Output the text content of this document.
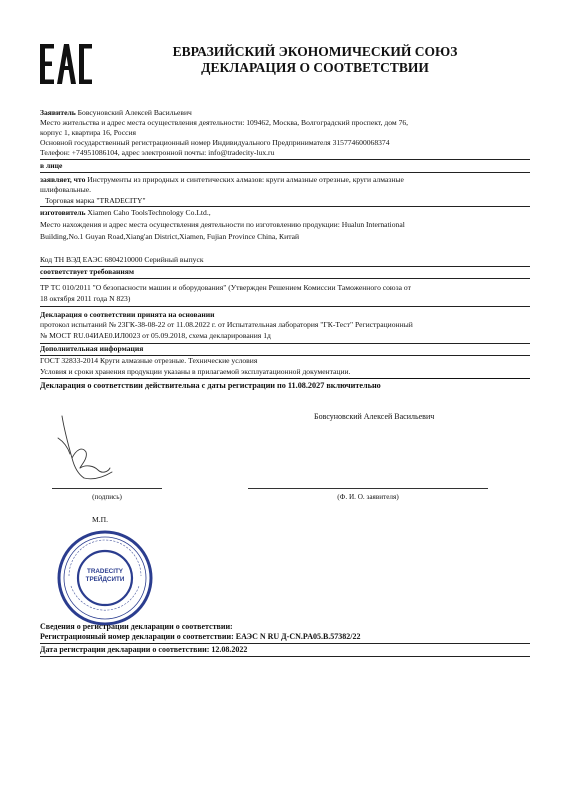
ЕВРАЗИЙСКИЙ ЭКОНОМИЧЕСКИЙ СОЮЗ
ДЕКЛАРАЦИЯ О СООТВЕТСТВИИ
Заявитель Бовсуновский Алексей Васильевич
Место жительства и адрес места осуществления деятельности: 109462, Москва, Волгоградский проспект, дом 76,
корпус 1, квартира 16, Россия
Основной государственный регистрационный номер Индивидуального Предпринимателя 315774600068374
Телефон: +74951086104, адрес электронной почты: info@tradecity-lux.ru
в лице
заявляет, что Инструменты из природных и синтетических алмазов: круги алмазные отрезные, круги алмазные
шлифовальные.
Торговая марка "TRADECITY"
изготовитель Xiamen Caho ToolsTechnology Co.Ltd.,
Место нахождения и адрес места осуществления деятельности по изготовлению продукции: Hualun International
Building,No.1 Guyan Road,Xiang'an District,Xiamen, Fujian Province China, Китай
Код ТН ВЭД ЕАЭС 6804210000 Серийный выпуск
соответствует требованиям
ТР ТС 010/2011 "О безопасности машин и оборудования" (Утвержден Решением Комиссии Таможенного союза от
18 октября 2011 года N 823)
Декларация о соответствии принята на основании
протокол испытаний № 23ГК-38-08-22 от 11.08.2022 г. от Испытательная лаборатория "ГК-Тест" Регистрационный
№ МОСТ RU.04ИАЕ0.ИЛ0023 от 05.09.2018, схема декларирования 1д
Дополнительная информация
ГОСТ 32833-2014 Круги алмазные отрезные. Технические условия
Условия и сроки хранения продукции указаны в прилагаемой эксплуатационной документации.
Декларация о соответствии действительна с даты регистрации по 11.08.2027 включительно
Бовсуновский Алексей Васильевич
(подпись)	(Ф. И. О. заявителя)
М.П.
TRADECITY
ТРЕЙДСИТИ
Сведения о регистрации декларации о соответствии:
Регистрационный номер декларации о соответствии: ЕАЭС N RU Д-CN.PA05.B.57382/22
Дата регистрации декларации о соответствии: 12.08.2022
